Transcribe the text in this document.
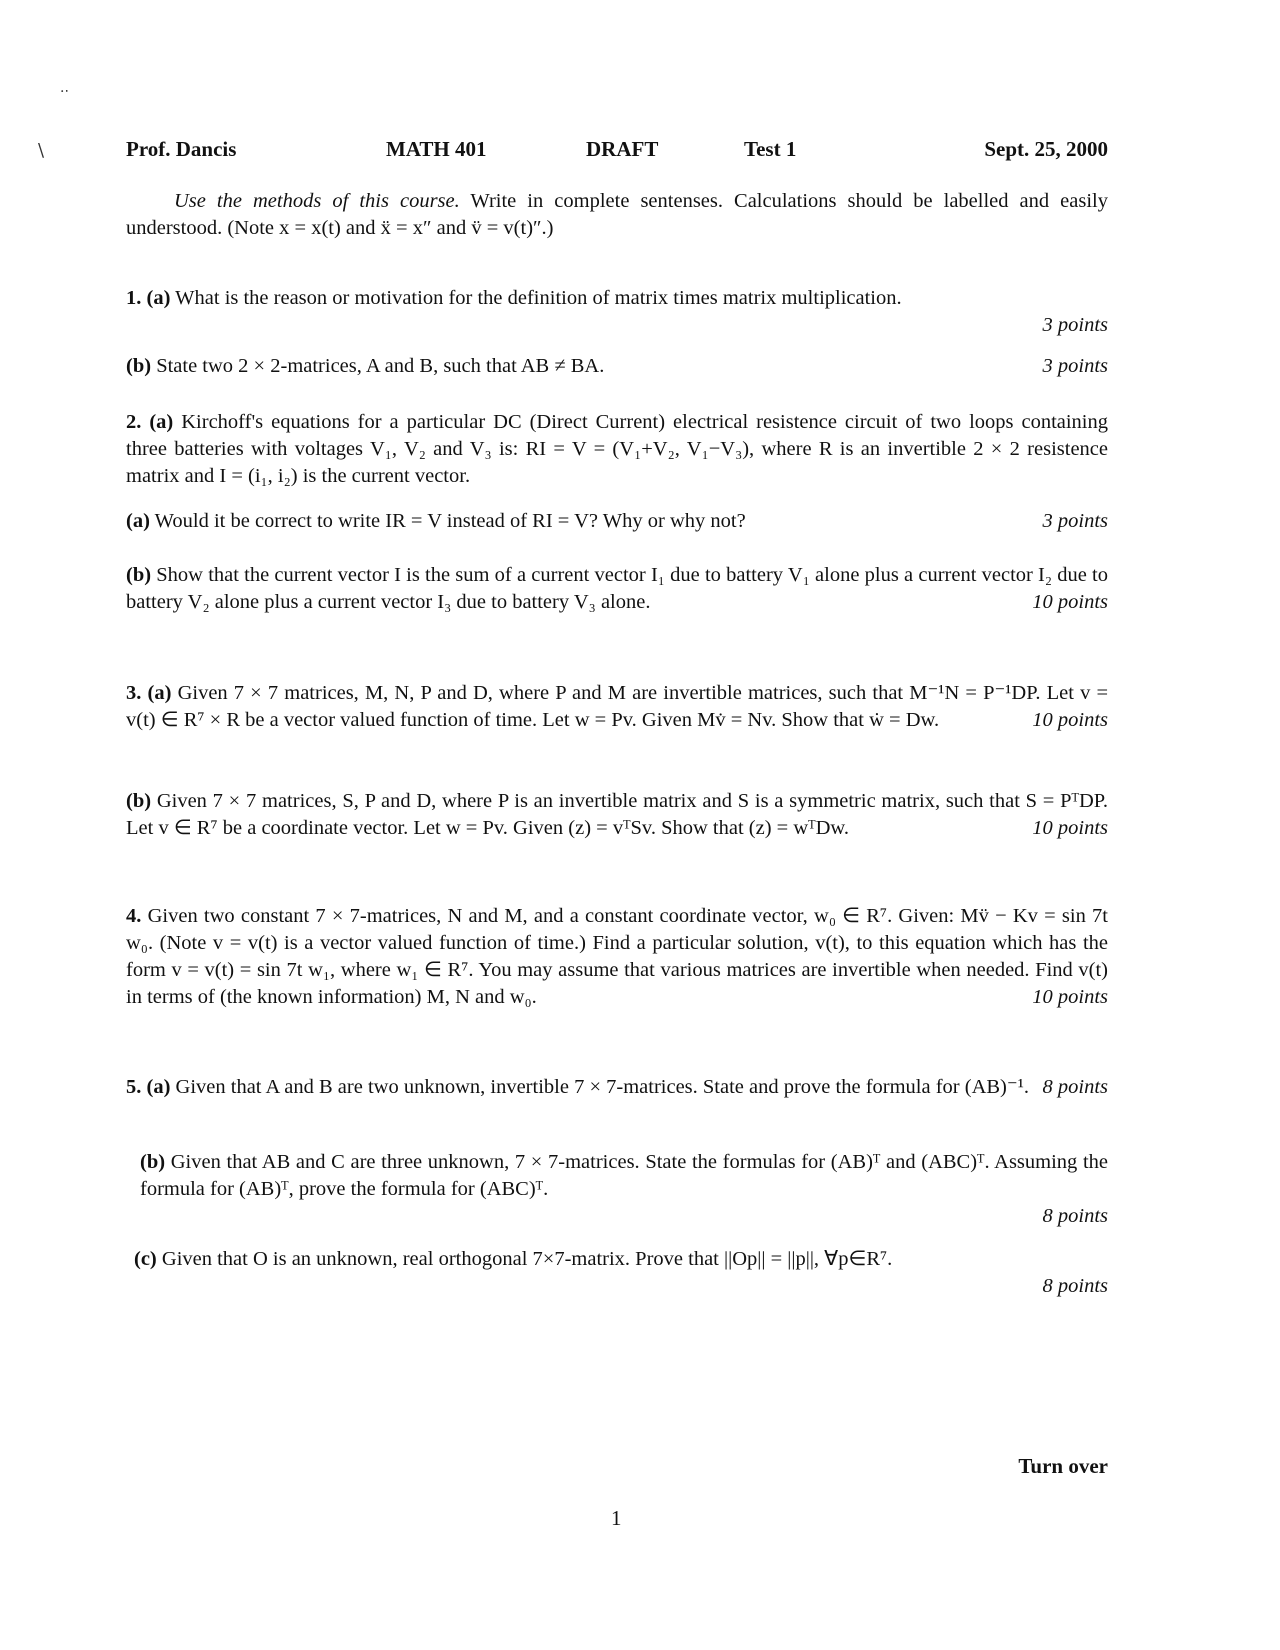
·‧
\	Prof. Dancis	MATH 401	DRAFT	Test 1	Sept. 25, 2000

Use the methods of this course. Write in complete sentenses. Calculations should be labelled and easily understood. (Note x = x(t) and ẍ = x″ and v̈ = v(t)″.)

1. (a) What is the reason or motivation for the definition of matrix times matrix multiplication.

3 points

3 points
(b) State two 2 × 2-matrices, A and B, such that AB ≠ BA.

2. (a) Kirchoff's equations for a particular DC (Direct Current) electrical resistence circuit of two loops containing three batteries with voltages V₁, V₂ and V₃ is: RI = V = (V₁+V₂, V₁−V₃), where R is an invertible 2 × 2 resistence matrix and I = (i₁, i₂) is the current vector.

3 points
(a) Would it be correct to write IR = V instead of RI = V? Why or why not?

(b) Show that the current vector I is the sum of a current vector I₁ due to battery V₁ alone plus a current vector I₂ due to battery V₂ alone plus a current vector I₃ due to battery V₃ alone.	10 points

3. (a) Given 7 × 7 matrices, M, N, P and D, where P and M are invertible matrices, such that M⁻¹N = P⁻¹DP. Let v = v(t) ∈ R⁷ × R be a vector valued function of time. Let w = Pv. Given Mv̇ = Nv. Show that ẇ = Dw.	10 points

(b) Given 7 × 7 matrices, S, P and D, where P is an invertible matrix and S is a symmetric matrix, such that S = PᵀDP. Let v ∈ R⁷ be a coordinate vector. Let w = Pv. Given (z) = vᵀSv. Show that (z) = wᵀDw.	10 points

4. Given two constant 7 × 7-matrices, N and M, and a constant coordinate vector, w₀ ∈ R⁷. Given: Mv̈ − Kv = sin 7t w₀. (Note v = v(t) is a vector valued function of time.) Find a particular solution, v(t), to this equation which has the form v = v(t) = sin 7t w₁, where w₁ ∈ R⁷. You may assume that various matrices are invertible when needed. Find v(t) in terms of (the known information) M, N and w₀.	10 points

5. (a) Given that A and B are two unknown, invertible 7 × 7-matrices. State and prove the formula for (AB)⁻¹. 8 points

(b) Given that AB and C are three unknown, 7 × 7-matrices. State the formulas for (AB)ᵀ and (ABC)ᵀ. Assuming the formula for (AB)ᵀ, prove the formula for (ABC)ᵀ.

8 points

(c) Given that O is an unknown, real orthogonal 7×7-matrix. Prove that ||Op|| = ||p||, ∀p∈R⁷.

8 points

Turn over
1
